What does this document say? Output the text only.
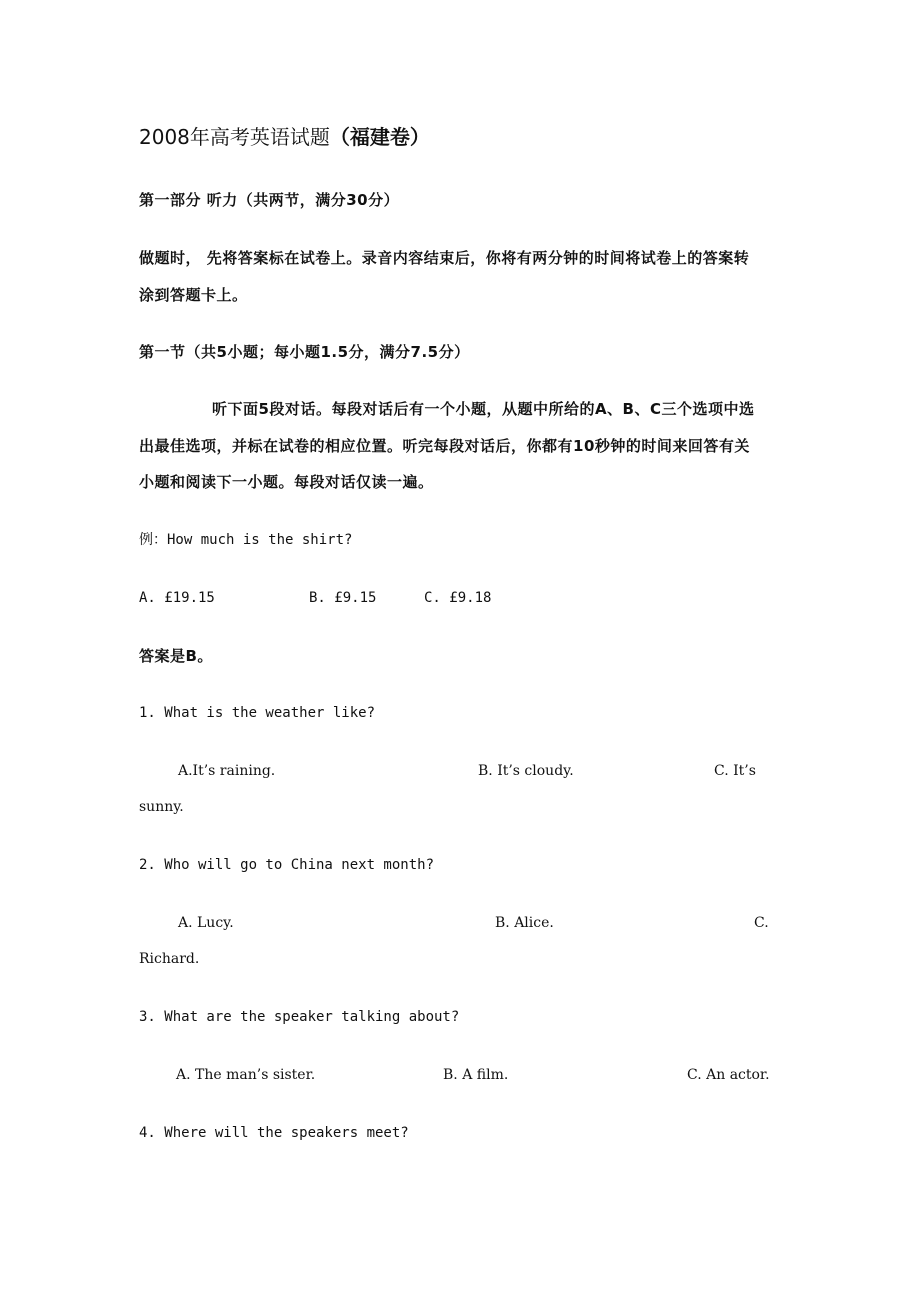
2008年高考英语试题（福建卷）
第一部分 听力（共两节，满分30分）
做题时， 先将答案标在试卷上。录音内容结束后，你将有两分钟的时间将试卷上的答案转
涂到答题卡上。
第一节（共5小题；每小题1.5分，满分7.5分）
听下面5段对话。每段对话后有一个小题，从题中所给的A、B、C三个选项中选
出最佳选项，并标在试卷的相应位置。听完每段对话后，你都有10秒钟的时间来回答有关
小题和阅读下一小题。每段对话仅读一遍。
例：How much is the shirt?
A. £19.15	B. £9.15	C. £9.18
答案是B。
1. What is the weather like?
A.It’s raining.	B. It’s cloudy.	C. It’s
sunny.
2. Who will go to China next month?
A. Lucy.	B. Alice.	C.
Richard.
3. What are the speaker talking about?
A. The man’s sister.	B. A film.	C. An actor.
4. Where will the speakers meet?
